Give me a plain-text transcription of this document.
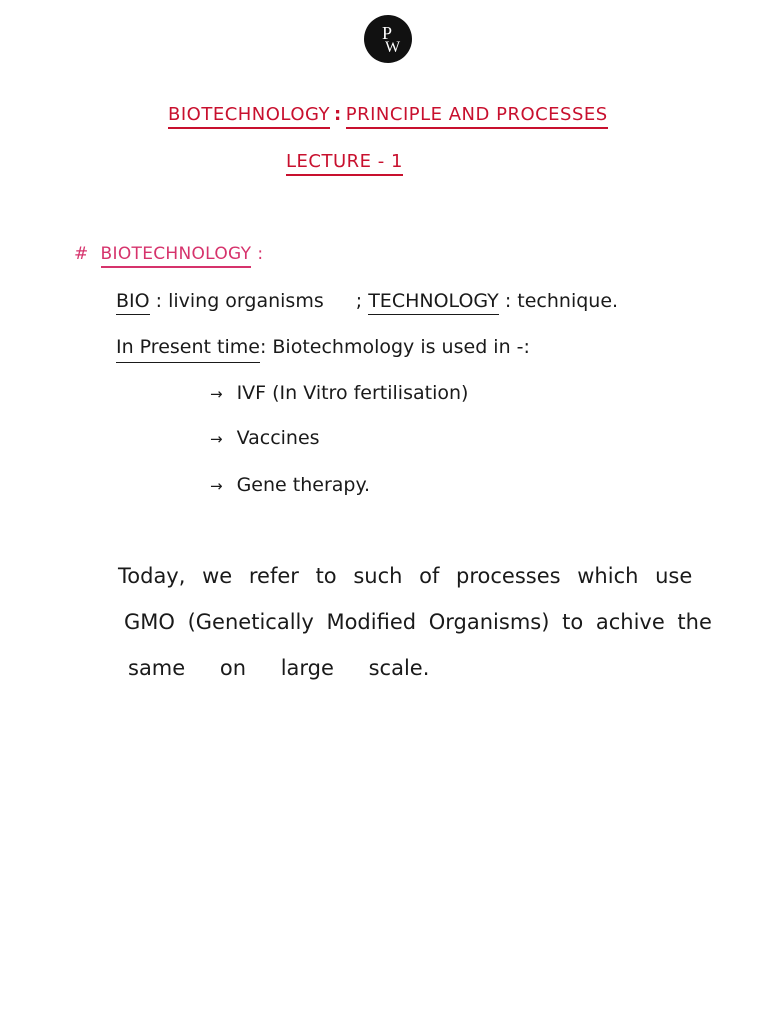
P
W
BIOTECHNOLOGY : PRINCIPLE AND PROCESSES
LECTURE - 1
# BIOTECHNOLOGY :
BIO : living organisms ; TECHNOLOGY : technique.
In Present time: Biotechmology is used in -:
→ IVF (In Vitro fertilisation)
→ Vaccines
→ Gene therapy.
Today, we refer to such of processes which use
GMO (Genetically Modified Organisms) to achive the
same on large scale.
